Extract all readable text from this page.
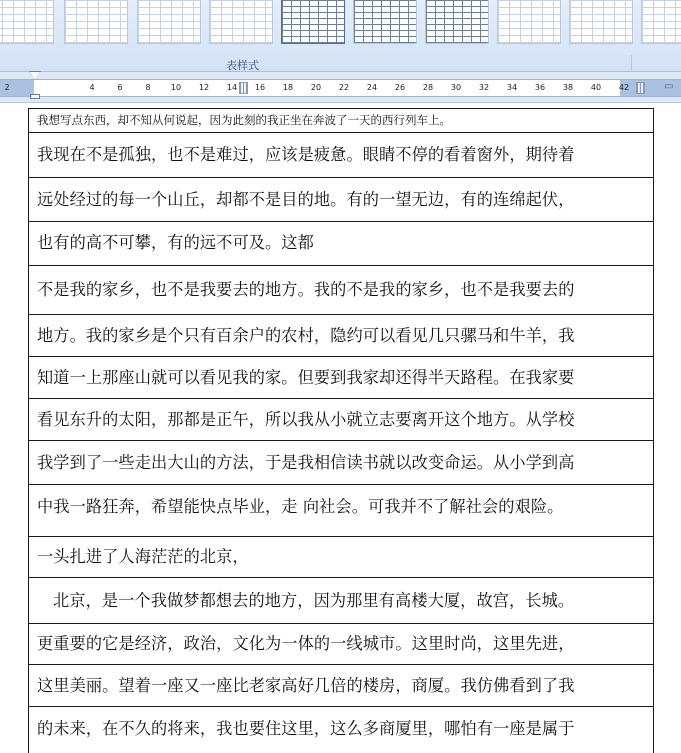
表样式
2	4	6	8	10	12	14	16	18	20	22	24	26	28	30	32	34	36	38	40	42	▭
我想写点东西，却不知从何说起，因为此刻的我正坐在奔波了一天的西行列车上。
我现在不是孤独，也不是难过，应该是疲惫。眼睛不停的看着窗外，期待着
远处经过的每一个山丘，却都不是目的地。有的一望无边，有的连绵起伏，
也有的高不可攀，有的远不可及。这都
不是我的家乡，也不是我要去的地方。我的不是我的家乡，也不是我要去的
地方。我的家乡是个只有百余户的农村，隐约可以看见几只骡马和牛羊，我
知道一上那座山就可以看见我的家。但要到我家却还得半天路程。在我家要
看见东升的太阳，那都是正午，所以我从小就立志要离开这个地方。从学校
我学到了一些走出大山的方法，于是我相信读书就以改变命运。从小学到高
中我一路狂奔，希望能快点毕业，走 向社会。可我并不了解社会的艰险。
一头扎进了人海茫茫的北京，
北京，是一个我做梦都想去的地方，因为那里有高楼大厦，故宫，长城。
更重要的它是经济，政治，文化为一体的一线城市。这里时尚，这里先进，
这里美丽。望着一座又一座比老家高好几倍的楼房，商厦。我仿佛看到了我
的未来，在不久的将来，我也要住这里，这么多商厦里，哪怕有一座是属于
